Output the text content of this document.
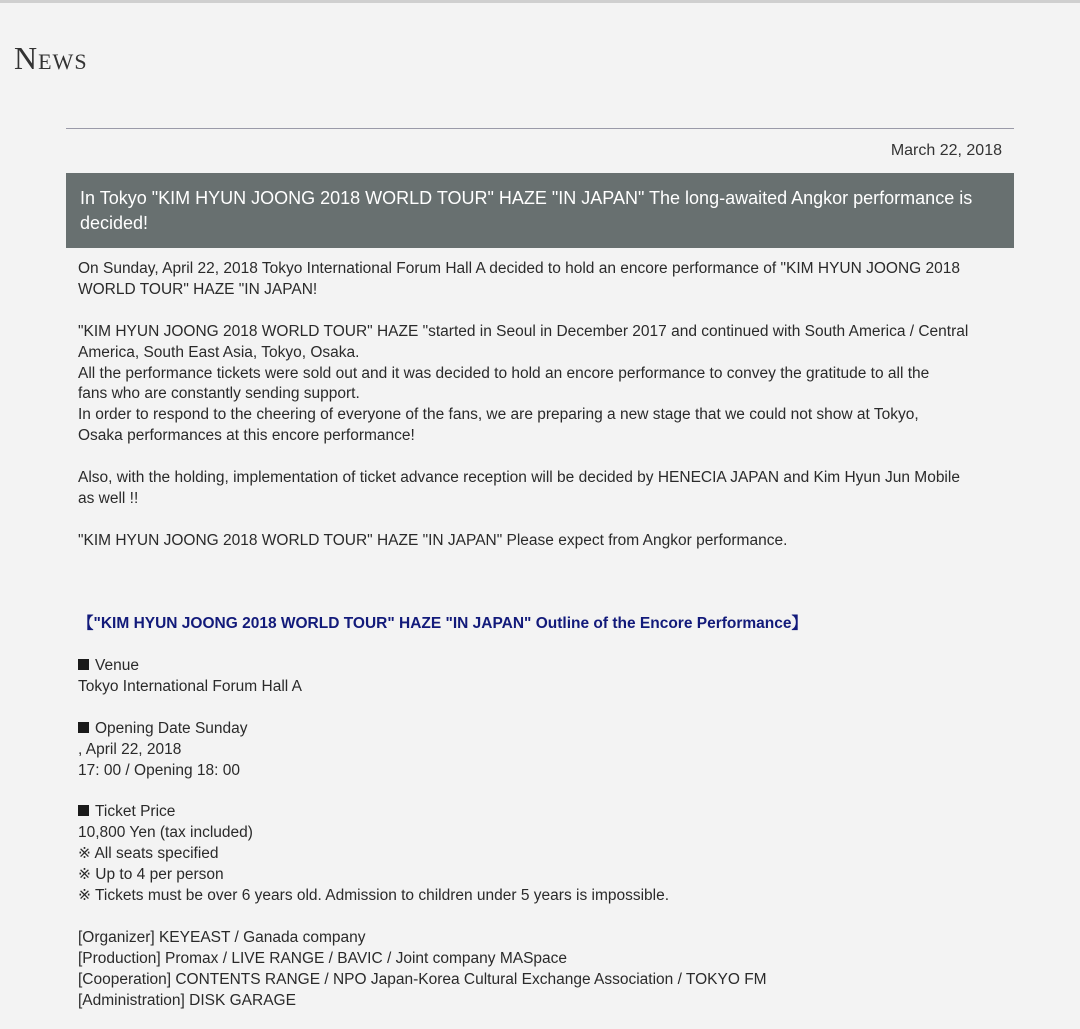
News
March 22, 2018
In Tokyo "KIM HYUN JOONG 2018 WORLD TOUR" HAZE "IN JAPAN" The long-awaited Angkor performance is decided!

On Sunday, April 22, 2018 Tokyo International Forum Hall A decided to hold an encore performance of "KIM HYUN JOONG 2018

WORLD TOUR" HAZE "IN JAPAN!

"KIM HYUN JOONG 2018 WORLD TOUR" HAZE "started in Seoul in December 2017 and continued with South America / Central

America, South East Asia, Tokyo, Osaka.

All the performance tickets were sold out and it was decided to hold an encore performance to convey the gratitude to all the

fans who are constantly sending support.

In order to respond to the cheering of everyone of the fans, we are preparing a new stage that we could not show at Tokyo,

Osaka performances at this encore performance!

Also, with the holding, implementation of ticket advance reception will be decided by HENECIA JAPAN and Kim Hyun Jun Mobile

as well !!

"KIM HYUN JOONG 2018 WORLD TOUR" HAZE "IN JAPAN" Please expect from Angkor performance.

【"KIM HYUN JOONG 2018 WORLD TOUR" HAZE "IN JAPAN" Outline of the Encore Performance】

Venue

Tokyo International Forum Hall A

Opening Date Sunday

, April 22, 2018

17: 00 / Opening 18: 00

Ticket Price

10,800 Yen (tax included)

※ All seats specified

※ Up to 4 per person

※ Tickets must be over 6 years old. Admission to children under 5 years is impossible.

[Organizer] KEYEAST / Ganada company

[Production] Promax / LIVE RANGE / BAVIC / Joint company MASpace

[Cooperation] CONTENTS RANGE / NPO Japan-Korea Cultural Exchange Association / TOKYO FM

[Administration] DISK GARAGE
